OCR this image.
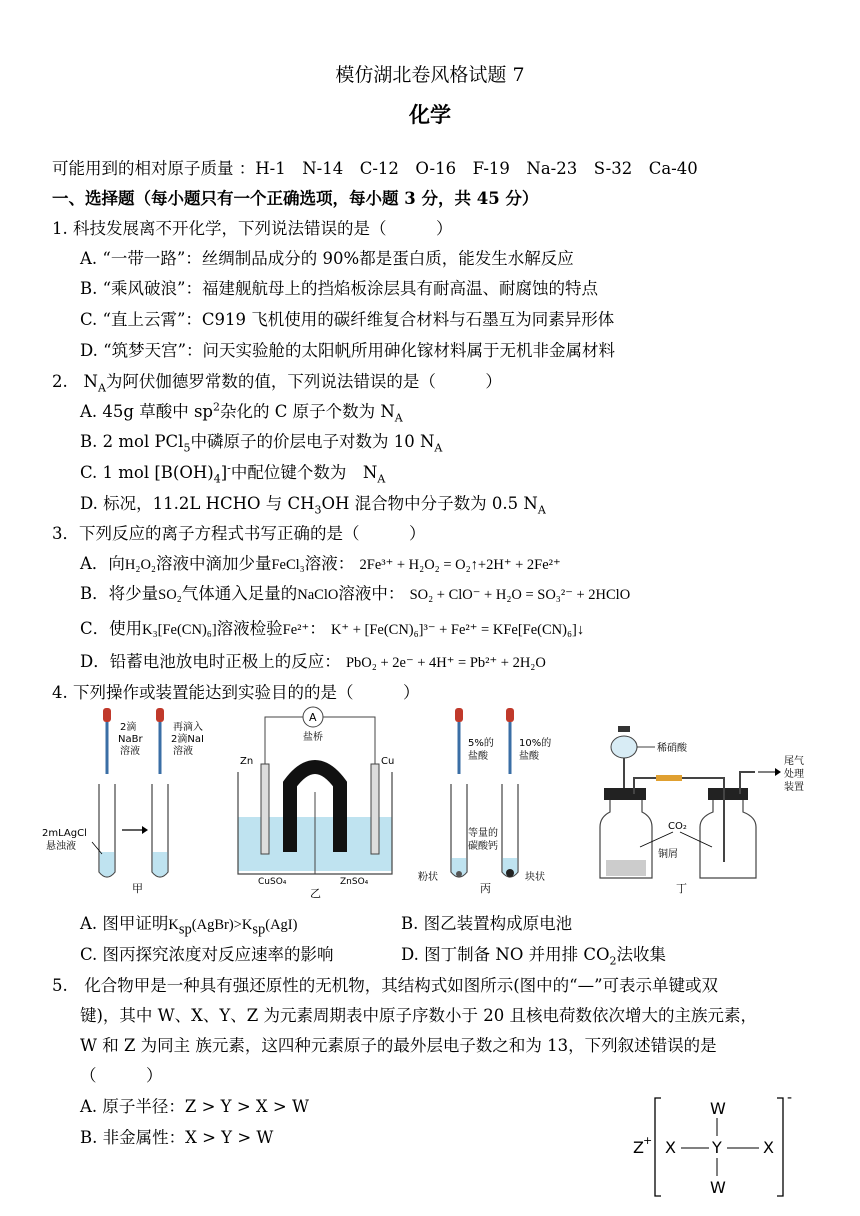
模仿湖北卷风格试题 7
化学
可能用到的相对原子质量 ：H-1　N-14　C-12　O-16　F-19　Na-23　S-32　Ca-40
一、选择题（每小题只有一个正确选项，每小题 3 分，共 45 分）
1. 科技发展离不开化学，下列说法错误的是（　　　）
A. “一带一路”：丝绸制品成分的 90%都是蛋白质，能发生水解反应
B. “乘风破浪”：福建舰航母上的挡焰板涂层具有耐高温、耐腐蚀的特点
C. “直上云霄”：C919 飞机使用的碳纤维复合材料与石墨互为同素异形体
D. “筑梦天宫”：问天实验舱的太阳帆所用砷化镓材料属于无机非金属材料
2. $N_A$为阿伏伽德罗常数的值，下列说法错误的是（　　　）
A. 45g 草酸中 $sp^2$杂化的 C 原子个数为 $N_A$
B. 2 mol PCl$_5$中磷原子的价层电子对数为 10 $N_A$
C. 1 mol $[B(OH)_4]^-$中配位键个数为　$N_A$
D. 标况，11.2L HCHO 与 $CH_3OH$ 混合物中分子数为 0.5 $N_A$
3．下列反应的离子方程式书写正确的是（　　　）
A．向H₂O₂溶液中滴加少量FeCl₃溶液： 2Fe³⁺ + H₂O₂ = O₂↑+2H⁺ + 2Fe²⁺
B．将少量SO₂气体通入足量的NaClO溶液中： SO₂ + ClO⁻ + H₂O = SO₃²⁻ + 2HClO
C．使用K₃[Fe(CN)₆]溶液检验Fe²⁺： K⁺ + [Fe(CN)₆]³⁻ + Fe²⁺ = KFe[Fe(CN)₆]↓
D．铅蓄电池放电时正极上的反应： PbO₂ + 2e⁻ + 4H⁺ = Pb²⁺ + 2H₂O
4. 下列操作或装置能达到实验目的的是（　　　）
2滴
NaBr
溶液
再滴入
2滴NaI
溶液
2mLAgCl
悬浊液
甲
A
盐桥
Zn	Cu
CuSO₄	ZnSO₄
乙
5%的
盐酸
10%的
盐酸
等量的
碳酸钙
粉状	块状
丙
稀硝酸
尾气
处理
装置
CO₂
铜屑
丁
A. 图甲证明$K_{sp}(AgBr)>K_{sp}(AgI)$	B. 图乙装置构成原电池
C. 图丙探究浓度对反应速率的影响	D. 图丁制备 NO 并用排 $CO_2$法收集
5.　化合物甲是一种具有强还原性的无机物，其结构式如图所示(图中的“—”可表示单键或双
键)，其中 W、X、Y、Z 为元素周期表中原子序数小于 20 且核电荷数依次增大的主族元素，
W 和 Z 为同主 族元素，这四种元素原子的最外层电子数之和为 13，下列叙述错误的是
（　　　）
A. 原子半径：Z > Y > X > W
B. 非金属性：X > Y > W
Z +
-
X Y	X
W
W
